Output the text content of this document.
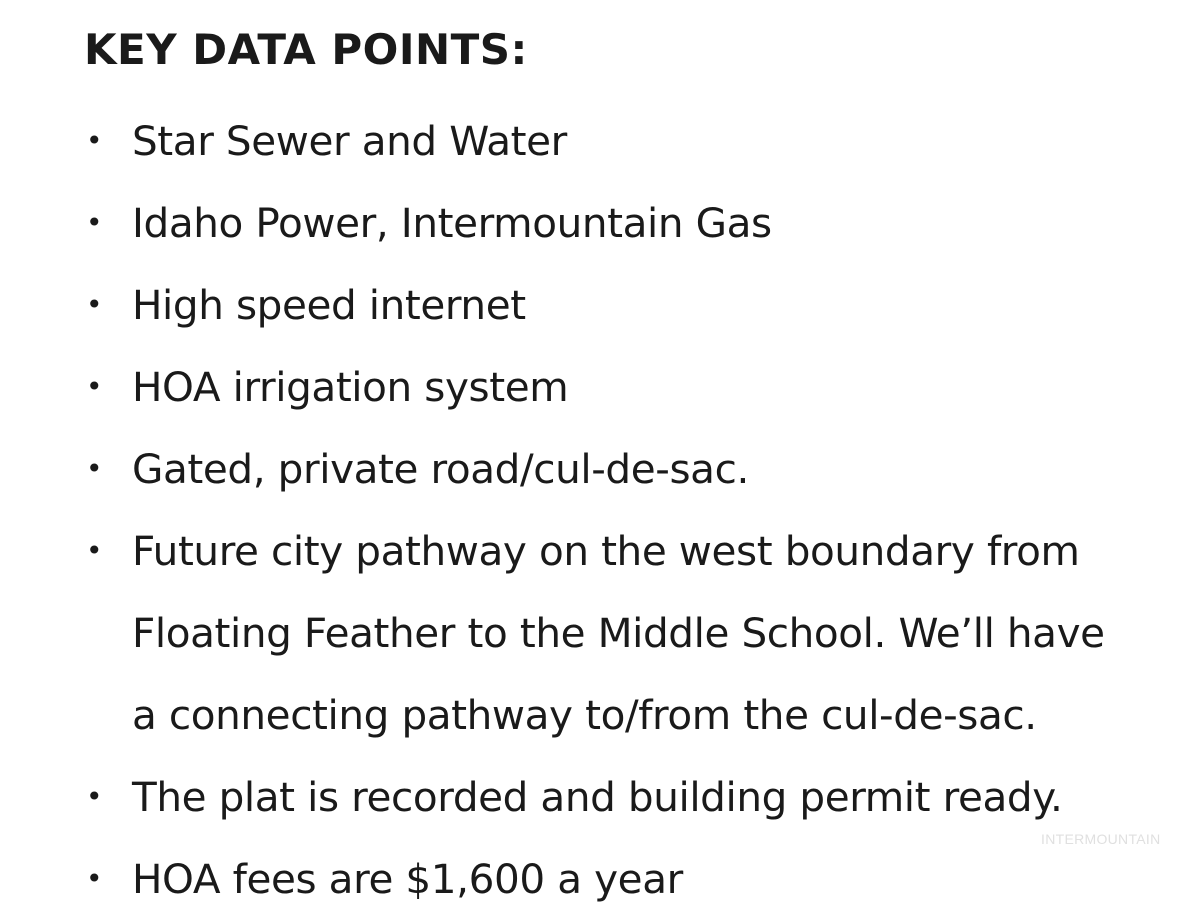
KEY DATA POINTS:
• Star Sewer and Water
• Idaho Power, Intermountain Gas
• High speed internet
• HOA irrigation system
• Gated, private road/cul-de-sac.
• Future city pathway on the west boundary from
Floating Feather to the Middle School. We’ll have
a connecting pathway to/from the cul-de-sac.
• The plat is recorded and building permit ready.
• HOA fees are $1,600 a year
INTERMOUNTAIN
